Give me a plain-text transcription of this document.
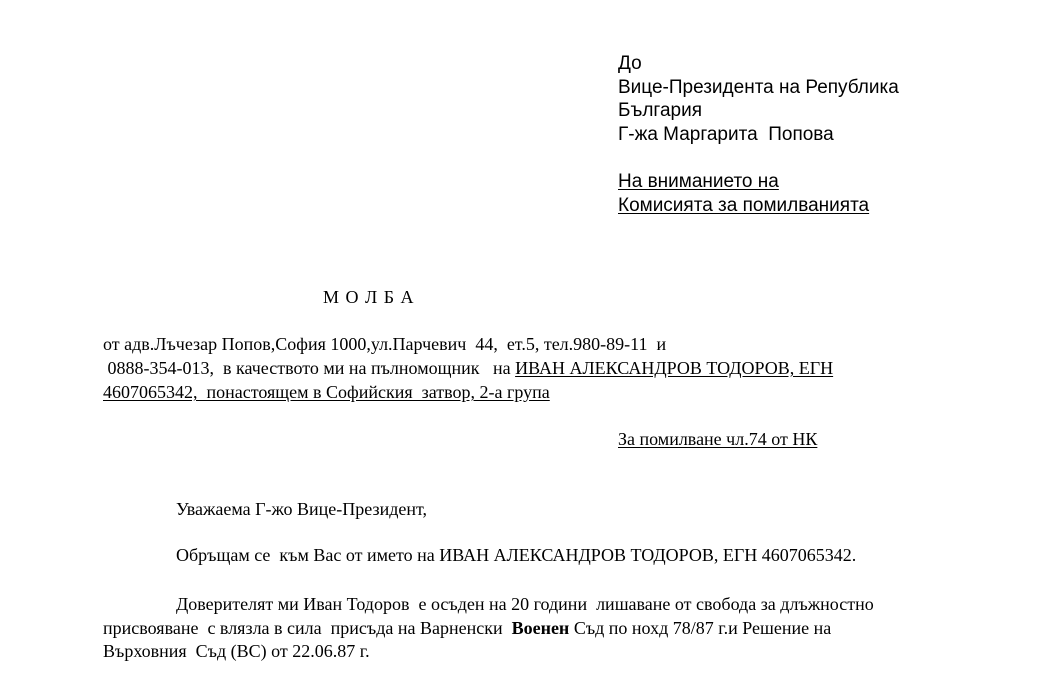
До
Вице-Президента на Република
България
Г-жа Маргарита  Попова
На вниманието на
Комисията за помилванията
М О Л Б А
от адв.Лъчезар Попов,София 1000,ул.Парчевич  44,  ет.5, тел.980-89-11  и
0888-354-013,  в качеството ми на пълномощник   на ИВАН АЛЕКСАНДРОВ ТОДОРОВ, ЕГН
4607065342,  понастоящем в Софийския  затвор, 2-а група
За помилване чл.74 от НК
Уважаема Г-жо Вице-Президент,
Обръщам се  към Вас от името на ИВАН АЛЕКСАНДРОВ ТОДОРОВ, ЕГН 4607065342.
Доверителят ми Иван Тодоров  е осъден на 20 години  лишаване от свобода за длъжностно
присвояване  с влязла в сила  присъда на Варненски  Военен Съд по нохд 78/87 г.и Решение на
Върховния  Съд (ВС) от 22.06.87 г.
